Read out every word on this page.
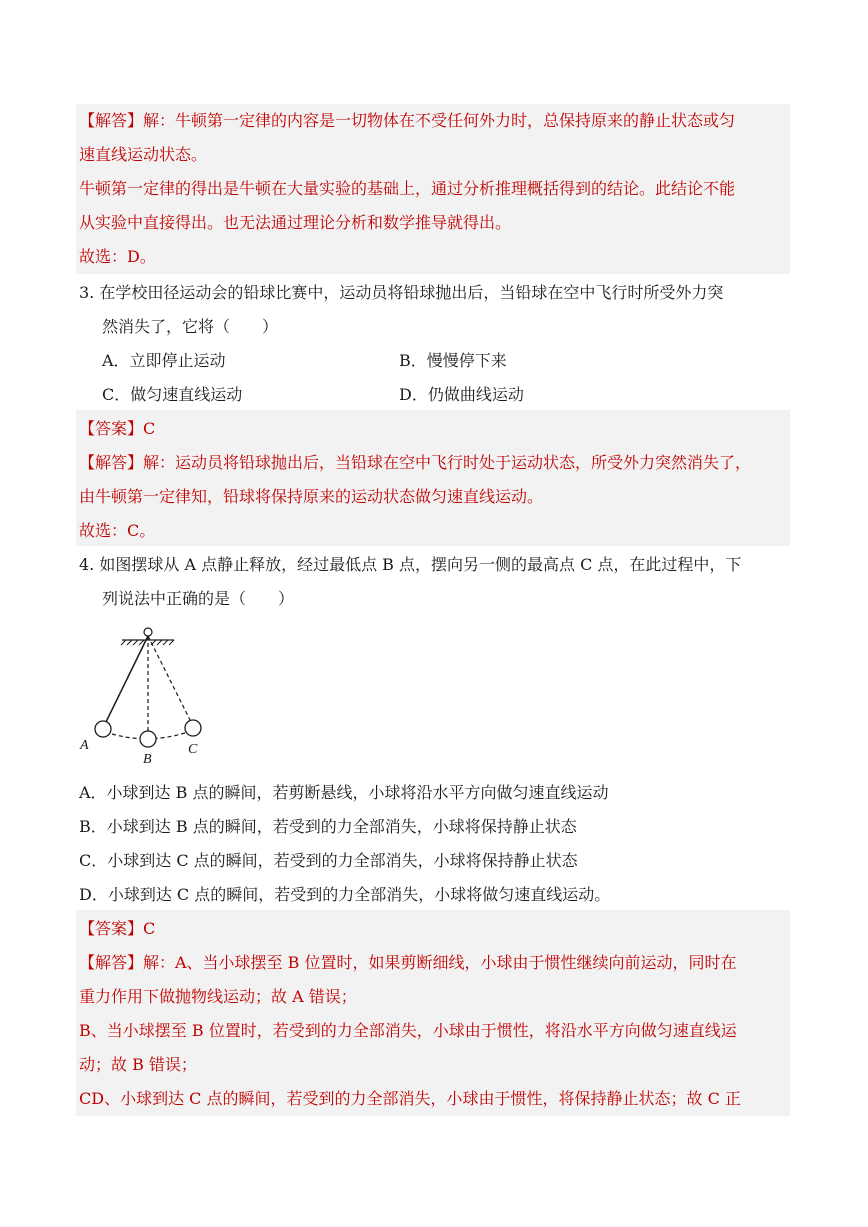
【解答】解：牛顿第一定律的内容是一切物体在不受任何外力时，总保持原来的静止状态或匀
速直线运动状态。
牛顿第一定律的得出是牛顿在大量实验的基础上，通过分析推理概括得到的结论。此结论不能
从实验中直接得出。也无法通过理论分析和数学推导就得出。
故选：D。
3. 在学校田径运动会的铅球比赛中，运动员将铅球抛出后，当铅球在空中飞行时所受外力突
然消失了，它将（　　）
A．立即停止运动	B．慢慢停下来
C．做匀速直线运动	D．仍做曲线运动
【答案】C
【解答】解：运动员将铅球抛出后，当铅球在空中飞行时处于运动状态，所受外力突然消失了，
由牛顿第一定律知，铅球将保持原来的运动状态做匀速直线运动。
故选：C。
4. 如图摆球从 A 点静止释放，经过最低点 B 点，摆向另一侧的最高点 C 点，在此过程中，下
列说法中正确的是（　　）
A
B
C
A．小球到达 B 点的瞬间，若剪断悬线，小球将沿水平方向做匀速直线运动
B．小球到达 B 点的瞬间，若受到的力全部消失，小球将保持静止状态
C．小球到达 C 点的瞬间，若受到的力全部消失，小球将保持静止状态
D．小球到达 C 点的瞬间，若受到的力全部消失，小球将做匀速直线运动。
【答案】C
【解答】解：A、当小球摆至 B 位置时，如果剪断细线，小球由于惯性继续向前运动，同时在
重力作用下做抛物线运动；故 A 错误；
B、当小球摆至 B 位置时，若受到的力全部消失，小球由于惯性，将沿水平方向做匀速直线运
动；故 B 错误；
CD、小球到达 C 点的瞬间，若受到的力全部消失，小球由于惯性，将保持静止状态；故 C 正
